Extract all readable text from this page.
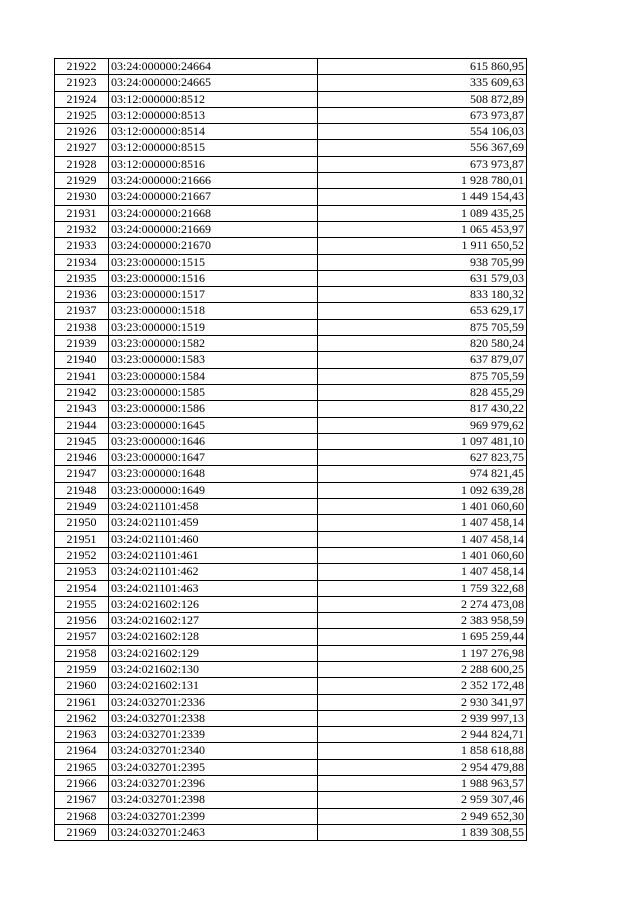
21922	03:24:000000:24664	615 860,95
21923	03:24:000000:24665	335 609,63
21924	03:12:000000:8512	508 872,89
21925	03:12:000000:8513	673 973,87
21926	03:12:000000:8514	554 106,03
21927	03:12:000000:8515	556 367,69
21928	03:12:000000:8516	673 973,87
21929	03:24:000000:21666	1 928 780,01
21930	03:24:000000:21667	1 449 154,43
21931	03:24:000000:21668	1 089 435,25
21932	03:24:000000:21669	1 065 453,97
21933	03:24:000000:21670	1 911 650,52
21934	03:23:000000:1515	938 705,99
21935	03:23:000000:1516	631 579,03
21936	03:23:000000:1517	833 180,32
21937	03:23:000000:1518	653 629,17
21938	03:23:000000:1519	875 705,59
21939	03:23:000000:1582	820 580,24
21940	03:23:000000:1583	637 879,07
21941	03:23:000000:1584	875 705,59
21942	03:23:000000:1585	828 455,29
21943	03:23:000000:1586	817 430,22
21944	03:23:000000:1645	969 979,62
21945	03:23:000000:1646	1 097 481,10
21946	03:23:000000:1647	627 823,75
21947	03:23:000000:1648	974 821,45
21948	03:23:000000:1649	1 092 639,28
21949	03:24:021101:458	1 401 060,60
21950	03:24:021101:459	1 407 458,14
21951	03:24:021101:460	1 407 458,14
21952	03:24:021101:461	1 401 060,60
21953	03:24:021101:462	1 407 458,14
21954	03:24:021101:463	1 759 322,68
21955	03:24:021602:126	2 274 473,08
21956	03:24:021602:127	2 383 958,59
21957	03:24:021602:128	1 695 259,44
21958	03:24:021602:129	1 197 276,98
21959	03:24:021602:130	2 288 600,25
21960	03:24:021602:131	2 352 172,48
21961	03:24:032701:2336	2 930 341,97
21962	03:24:032701:2338	2 939 997,13
21963	03:24:032701:2339	2 944 824,71
21964	03:24:032701:2340	1 858 618,88
21965	03:24:032701:2395	2 954 479,88
21966	03:24:032701:2396	1 988 963,57
21967	03:24:032701:2398	2 959 307,46
21968	03:24:032701:2399	2 949 652,30
21969	03:24:032701:2463	1 839 308,55
